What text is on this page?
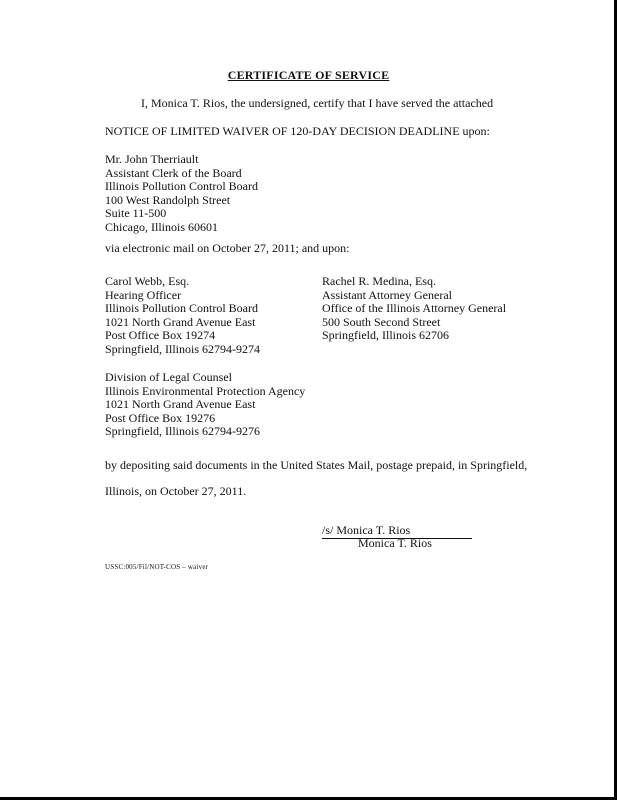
CERTIFICATE OF SERVICE
I, Monica T. Rios, the undersigned, certify that I have served the attached
NOTICE OF LIMITED WAIVER OF 120-DAY DECISION DEADLINE upon:
Mr. John Therriault
Assistant Clerk of the Board
Illinois Pollution Control Board
100 West Randolph Street
Suite 11-500
Chicago, Illinois 60601
via electronic mail on October 27, 2011; and upon:
Carol Webb, Esq.
Hearing Officer
Illinois Pollution Control Board
1021 North Grand Avenue East
Post Office Box 19274
Springfield, Illinois 62794-9274
Rachel R. Medina, Esq.
Assistant Attorney General
Office of the Illinois Attorney General
500 South Second Street
Springfield, Illinois 62706
Division of Legal Counsel
Illinois Environmental Protection Agency
1021 North Grand Avenue East
Post Office Box 19276
Springfield, Illinois 62794-9276
by depositing said documents in the United States Mail, postage prepaid, in Springfield,
Illinois, on October 27, 2011.
/s/ Monica T. Rios
Monica T. Rios
USSC:005/Fil/NOT-COS – waiver
